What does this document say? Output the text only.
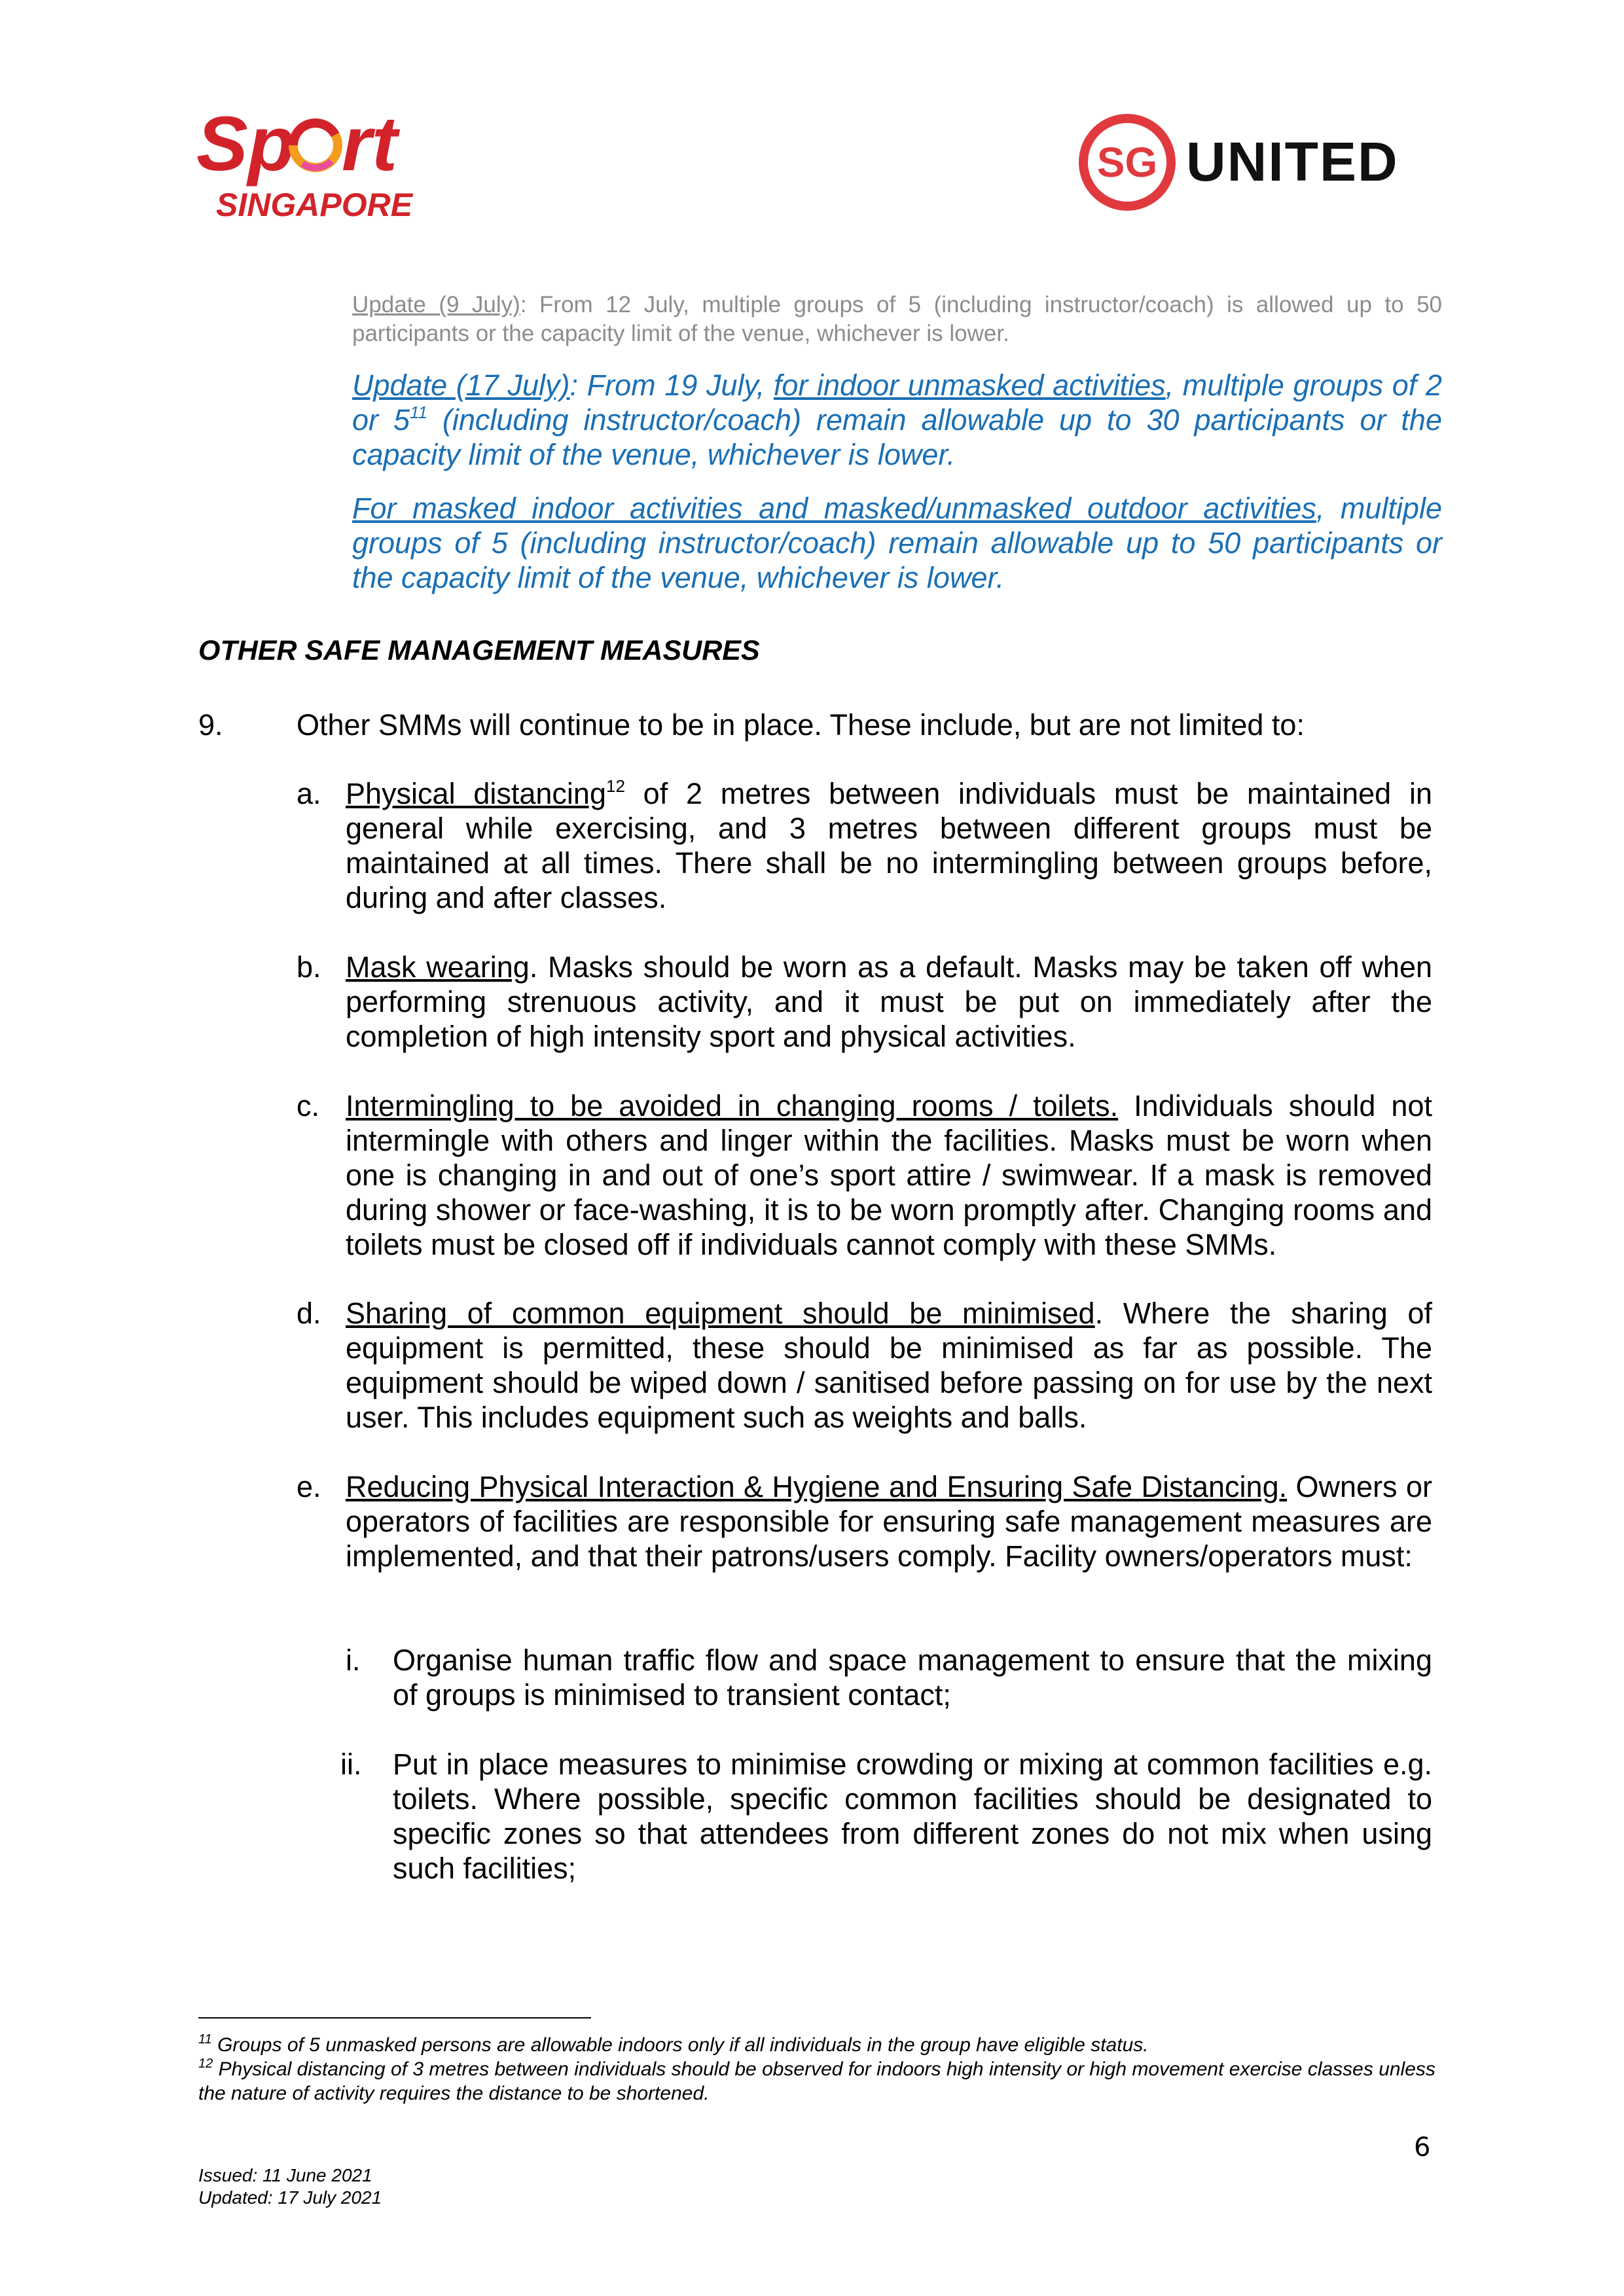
Sp rt
SINGAPORE
SG UNITED

Update (9 July): From 12 July, multiple groups of 5 (including instructor/coach) is allowed up to 50 participants or the capacity limit of the venue, whichever is lower.

Update (17 July): From 19 July, for indoor unmasked activities, multiple groups of 2 or $5^{11}$ (including instructor/coach) remain allowable up to 30 participants or the capacity limit of the venue, whichever is lower.

For masked indoor activities and masked/unmasked outdoor activities, multiple groups of 5 (including instructor/coach) remain allowable up to 50 participants or the capacity limit of the venue, whichever is lower.

OTHER SAFE MANAGEMENT MEASURES
9. Other SMMs will continue to be in place. These include, but are not limited to:
a. Physical distancing$^{12}$ of 2 metres between individuals must be maintained in general while exercising, and 3 metres between different groups must be maintained at all times. There shall be no intermingling between groups before, during and after classes.

b. Mask wearing. Masks should be worn as a default. Masks may be taken off when performing strenuous activity, and it must be put on immediately after the completion of high intensity sport and physical activities.

c. Intermingling to be avoided in changing rooms / toilets. Individuals should not intermingle with others and linger within the facilities. Masks must be worn when one is changing in and out of one’s sport attire / swimwear. If a mask is removed during shower or face-washing, it is to be worn promptly after. Changing rooms and toilets must be closed off if individuals cannot comply with these SMMs.

d. Sharing of common equipment should be minimised. Where the sharing of equipment is permitted, these should be minimised as far as possible. The equipment should be wiped down / sanitised before passing on for use by the next user. This includes equipment such as weights and balls.

e. Reducing Physical Interaction & Hygiene and Ensuring Safe Distancing. Owners or operators of facilities are responsible for ensuring safe management measures are implemented, and that their patrons/users comply. Facility owners/operators must:

i. Organise human traffic flow and space management to ensure that the mixing of groups is minimised to transient contact;

ii. Put in place measures to minimise crowding or mixing at common facilities e.g. toilets. Where possible, specific common facilities should be designated to specific zones so that attendees from different zones do not mix when using such facilities;

$^{11}$ Groups of 5 unmasked persons are allowable indoors only if all individuals in the group have eligible status.

$^{12}$ Physical distancing of 3 metres between individuals should be observed for indoors high intensity or high movement exercise classes unless the nature of activity requires the distance to be shortened.

6
Issued: 11 June 2021
Updated: 17 July 2021
